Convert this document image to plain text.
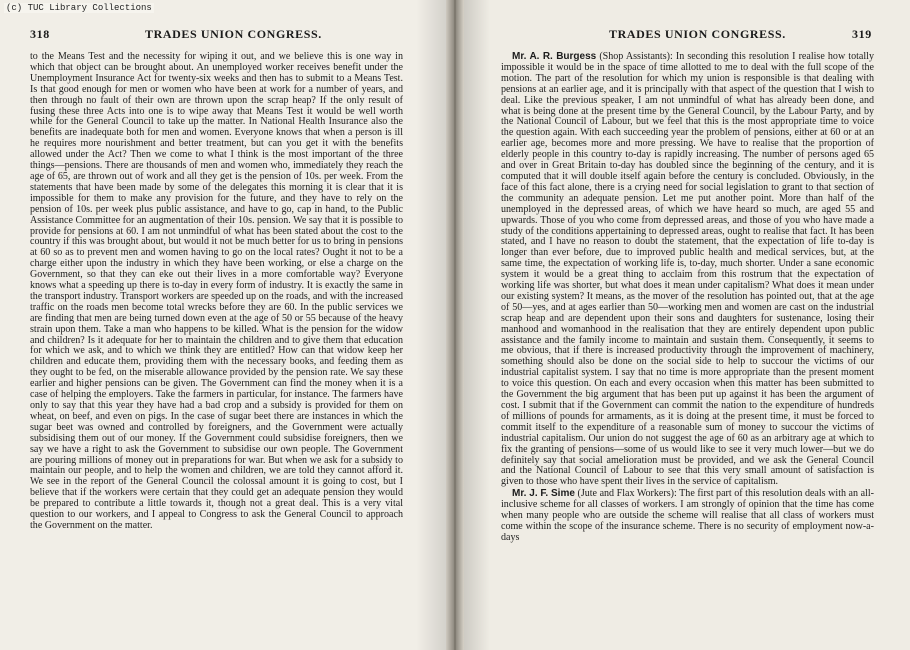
(c) TUC Library Collections
318	TRADES UNION CONGRESS.

to the Means Test and the necessity for wiping it out, and we believe this is one way in which that object can be brought about. An unemployed worker receives benefit under the Unemployment Insurance Act for twenty-six weeks and then has to submit to a Means Test. Is that good enough for men or women who have been at work for a number of years, and then through no fault of their own are thrown upon the scrap heap? If the only result of fusing these three Acts into one is to wipe away that Means Test it would be well worth while for the General Council to take up the matter. In National Health Insurance also the benefits are inadequate both for men and women. Everyone knows that when a person is ill he requires more nourishment and better treatment, but can you get it with the benefits allowed under the Act? Then we come to what I think is the most important of the three things—pensions. There are thousands of men and women who, immediately they reach the age of 65, are thrown out of work and all they get is the pension of 10s. per week. From the statements that have been made by some of the delegates this morning it is clear that it is impossible for them to make any provision for the future, and they have to rely on the pension of 10s. per week plus public assistance, and have to go, cap in hand, to the Public Assistance Committee for an augmentation of their 10s. pension. We say that it is possible to provide for pensions at 60. I am not unmindful of what has been stated about the cost to the country if this was brought about, but would it not be much better for us to bring in pensions at 60 so as to prevent men and women having to go on the local rates? Ought it not to be a charge either upon the industry in which they have been working, or else a charge on the Government, so that they can eke out their lives in a more comfortable way? Everyone knows what a speeding up there is to-day in every form of industry. It is exactly the same in the transport industry. Transport workers are speeded up on the roads, and with the increased traffic on the roads men become total wrecks before they are 60. In the public services we are finding that men are being turned down even at the age of 50 or 55 because of the heavy strain upon them. Take a man who happens to be killed. What is the pension for the widow and children? Is it adequate for her to maintain the children and to give them that education for which we ask, and to which we think they are entitled? How can that widow keep her children and educate them, providing them with the necessary books, and feeding them as they ought to be fed, on the miserable allowance provided by the pension rate. We say these earlier and higher pensions can be given. The Government can find the money when it is a case of helping the employers. Take the farmers in particular, for instance. The farmers have only to say that this year they have had a bad crop and a subsidy is provided for them on wheat, on beef, and even on pigs. In the case of sugar beet there are instances in which the sugar beet was owned and controlled by foreigners, and the Government were actually subsidising them out of our money. If the Government could subsidise foreigners, then we say we have a right to ask the Government to subsidise our own people. The Government are pouring millions of money out in preparations for war. But when we ask for a subsidy to maintain our people, and to help the women and children, we are told they cannot afford it. We see in the report of the General Council the colossal amount it is going to cost, but I believe that if the workers were certain that they could get an adequate pension they would be prepared to contribute a little towards it, though not a great deal. This is a very vital question to our workers, and I appeal to Congress to ask the General Council to approach the Government on the matter.

TRADES UNION CONGRESS.	319

Mr. A. R. Burgess (Shop Assistants): In seconding this resolution I realise how totally impossible it would be in the space of time allotted to me to deal with the full scope of the motion. The part of the resolution for which my union is responsible is that dealing with pensions at an earlier age, and it is principally with that aspect of the question that I wish to deal. Like the previous speaker, I am not unmindful of what has already been done, and what is being done at the present time by the General Council, by the Labour Party, and by the National Council of Labour, but we feel that this is the most appropriate time to voice the question again. With each succeeding year the problem of pensions, either at 60 or at an earlier age, becomes more and more pressing. We have to realise that the proportion of elderly people in this country to-day is rapidly increasing. The number of persons aged 65 and over in Great Britain to-day has doubled since the beginning of the century, and it is computed that it will double itself again before the century is concluded. Obviously, in the face of this fact alone, there is a crying need for social legislation to grant to that section of the community an adequate pension. Let me put another point. More than half of the unemployed in the depressed areas, of which we have heard so much, are aged 55 and upwards. Those of you who come from depressed areas, and those of you who have made a study of the conditions appertaining to depressed areas, ought to realise that fact. It has been stated, and I have no reason to doubt the statement, that the expectation of life to-day is longer than ever before, due to improved public health and medical services, but, at the same time, the expectation of working life is, to-day, much shorter. Under a sane economic system it would be a great thing to acclaim from this rostrum that the expectation of working life was shorter, but what does it mean under capitalism? What does it mean under our existing system? It means, as the mover of the resolution has pointed out, that at the age of 50—yes, and at ages earlier than 50—working men and women are cast on the industrial scrap heap and are dependent upon their sons and daughters for sustenance, losing their manhood and womanhood in the realisation that they are entirely dependent upon public assistance and the family income to maintain and sustain them. Consequently, it seems to me obvious, that if there is increased productivity through the improvement of machinery, something should also be done on the social side to help to succour the victims of our industrial capitalist system. I say that no time is more appropriate than the present moment to voice this question. On each and every occasion when this matter has been submitted to the Government the big argument that has been put up against it has been the argument of cost. I submit that if the Government can commit the nation to the expenditure of hundreds of millions of pounds for armaments, as it is doing at the present time, it must be forced to commit itself to the expenditure of a reasonable sum of money to succour the victims of industrial capitalism. Our union do not suggest the age of 60 as an arbitrary age at which to fix the granting of pensions—some of us would like to see it very much lower—but we do definitely say that social amelioration must be provided, and we ask the General Council and the National Council of Labour to see that this very small amount of satisfaction is given to those who have spent their lives in the service of capitalism.

Mr. J. F. Sime (Jute and Flax Workers): The first part of this resolution deals with an all-inclusive scheme for all classes of workers. I am strongly of opinion that the time has come when many people who are outside the scheme will realise that all class of workers must come within the scope of the insurance scheme. There is no security of employment now-a-days
